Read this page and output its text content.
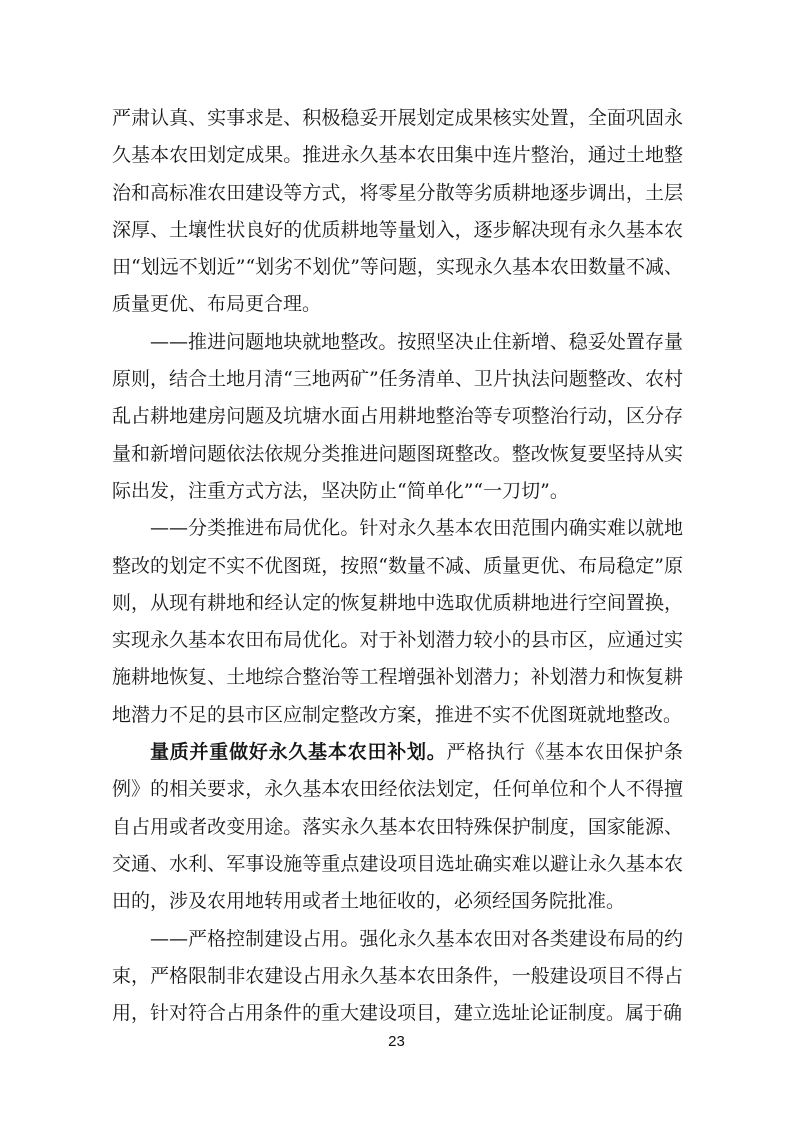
严肃认真、实事求是、积极稳妥开展划定成果核实处置，全面巩固永久基本农田划定成果。推进永久基本农田集中连片整治，通过土地整治和高标准农田建设等方式，将零星分散等劣质耕地逐步调出，土层深厚、土壤性状良好的优质耕地等量划入，逐步解决现有永久基本农田“划远不划近”“划劣不划优”等问题，实现永久基本农田数量不减、质量更优、布局更合理。

——推进问题地块就地整改。按照坚决止住新增、稳妥处置存量原则，结合土地月清“三地两矿”任务清单、卫片执法问题整改、农村乱占耕地建房问题及坑塘水面占用耕地整治等专项整治行动，区分存量和新增问题依法依规分类推进问题图斑整改。整改恢复要坚持从实际出发，注重方式方法，坚决防止“简单化”“一刀切”。

——分类推进布局优化。针对永久基本农田范围内确实难以就地整改的划定不实不优图斑，按照“数量不减、质量更优、布局稳定”原则，从现有耕地和经认定的恢复耕地中选取优质耕地进行空间置换，实现永久基本农田布局优化。对于补划潜力较小的县市区，应通过实施耕地恢复、土地综合整治等工程增强补划潜力；补划潜力和恢复耕地潜力不足的县市区应制定整改方案，推进不实不优图斑就地整改。

量质并重做好永久基本农田补划。严格执行《基本农田保护条例》的相关要求，永久基本农田经依法划定，任何单位和个人不得擅自占用或者改变用途。落实永久基本农田特殊保护制度，国家能源、交通、水利、军事设施等重点建设项目选址确实难以避让永久基本农田的，涉及农用地转用或者土地征收的，必须经国务院批准。

——严格控制建设占用。强化永久基本农田对各类建设布局的约束，严格限制非农建设占用永久基本农田条件，一般建设项目不得占用，针对符合占用条件的重大建设项目，建立选址论证制度。属于确

23
